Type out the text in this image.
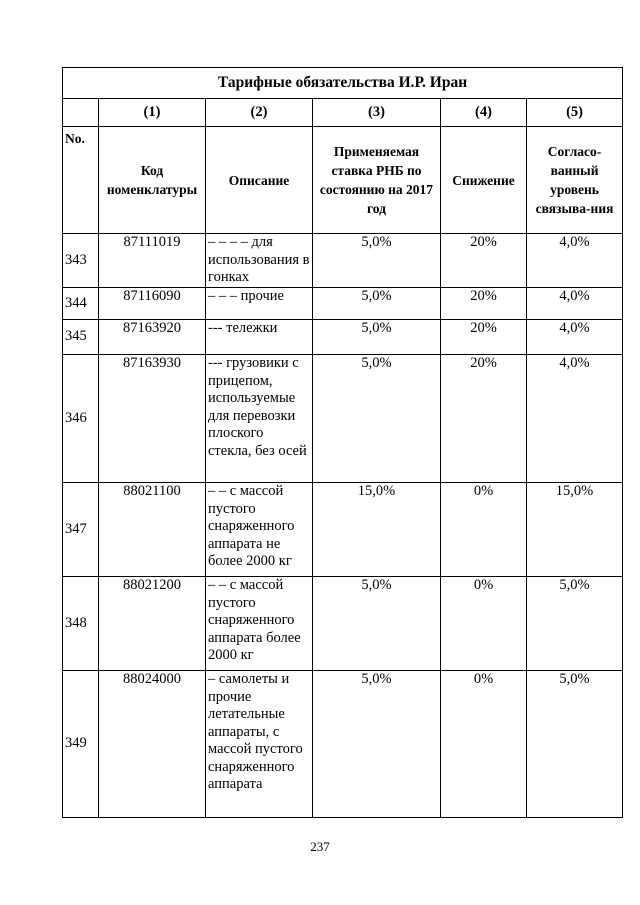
Тарифные обязательства И.Р. Иран					
	(1)	(2)	(3)	(4)	(5)
No.	Код номенклатуры	Описание	Применяемая ставка РНБ по состоянию на 2017 год	Снижение	Согласо-ванный уровень связыва-ния
343	87111019	– – – – для использования в гонках	5,0%	20%	4,0%
344	87116090	– – – прочие	5,0%	20%	4,0%
345	87163920	--- тележки	5,0%	20%	4,0%
346	87163930	--- грузовики с прицепом, используемые для перевозки плоского стекла, без осей	5,0%	20%	4,0%
347	88021100	– – с массой пустого снаряженного аппарата не более 2000 кг	15,0%	0%	15,0%
348	88021200	– – с массой пустого снаряженного аппарата более 2000 кг	5,0%	0%	5,0%
349	88024000	– самолеты и прочие летательные аппараты, с массой пустого снаряженного аппарата	5,0%	0%	5,0%
237
